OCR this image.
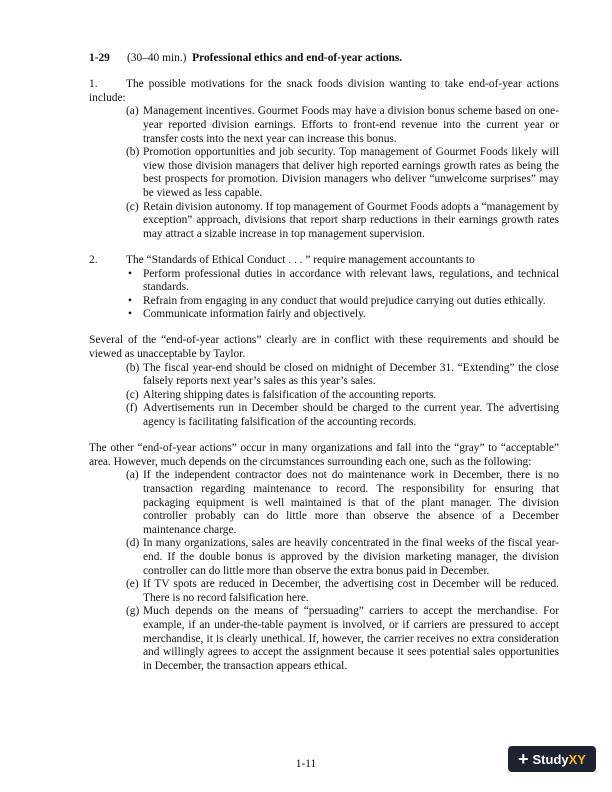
1-29 (30–40 min.) Professional ethics and end-of-year actions.

1. The possible motivations for the snack foods division wanting to take end-of-year actions include:

(a) Management incentives. Gourmet Foods may have a division bonus scheme based on one-year reported division earnings. Efforts to front-end revenue into the current year or transfer costs into the next year can increase this bonus.
(b) Promotion opportunities and job security. Top management of Gourmet Foods likely will view those division managers that deliver high reported earnings growth rates as being the best prospects for promotion. Division managers who deliver “unwelcome surprises” may be viewed as less capable.
(c) Retain division autonomy. If top management of Gourmet Foods adopts a “management by exception” approach, divisions that report sharp reductions in their earnings growth rates may attract a sizable increase in top management supervision.

2. The “Standards of Ethical Conduct . . . ” require management accountants to

• Perform professional duties in accordance with relevant laws, regulations, and technical standards.
• Refrain from engaging in any conduct that would prejudice carrying out duties ethically.
• Communicate information fairly and objectively.

Several of the “end-of-year actions” clearly are in conflict with these requirements and should be viewed as unacceptable by Taylor.

(b) The fiscal year-end should be closed on midnight of December 31. “Extending” the close falsely reports next year’s sales as this year’s sales.
(c) Altering shipping dates is falsification of the accounting reports.
(f) Advertisements run in December should be charged to the current year. The advertising agency is facilitating falsification of the accounting records.

The other “end-of-year actions” occur in many organizations and fall into the “gray” to “acceptable” area. However, much depends on the circumstances surrounding each one, such as the following:

(a) If the independent contractor does not do maintenance work in December, there is no transaction regarding maintenance to record. The responsibility for ensuring that packaging equipment is well maintained is that of the plant manager. The division controller probably can do little more than observe the absence of a December maintenance charge.
(d) In many organizations, sales are heavily concentrated in the final weeks of the fiscal year-end. If the double bonus is approved by the division marketing manager, the division controller can do little more than observe the extra bonus paid in December.
(e) If TV spots are reduced in December, the advertising cost in December will be reduced. There is no record falsification here.
(g) Much depends on the means of “persuading” carriers to accept the merchandise. For example, if an under-the-table payment is involved, or if carriers are pressured to accept merchandise, it is clearly unethical. If, however, the carrier receives no extra consideration and willingly agrees to accept the assignment because it sees potential sales opportunities in December, the transaction appears ethical.
1-11	+ Study XY
